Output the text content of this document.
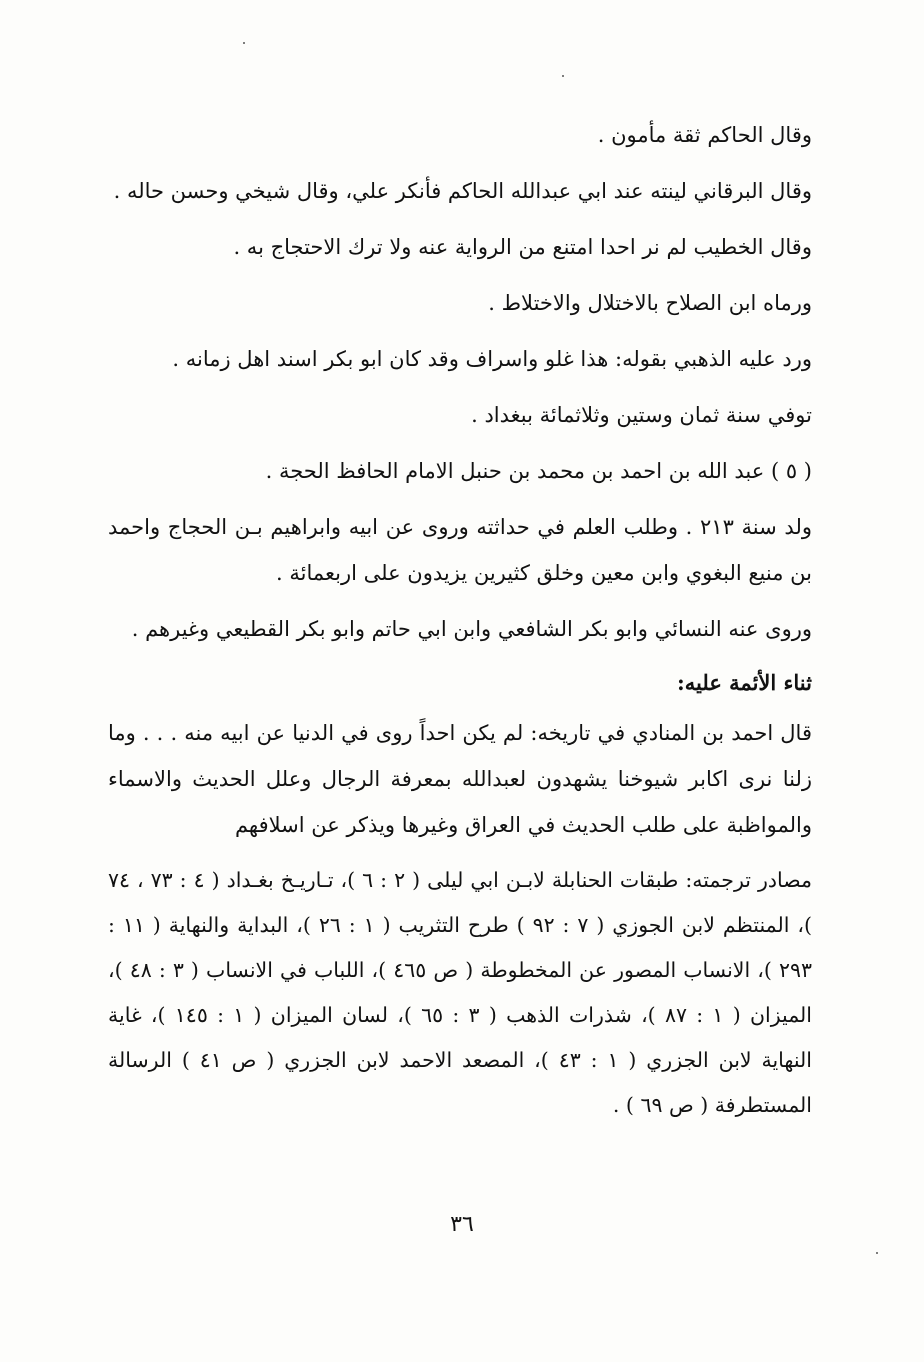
وقال الحاكم ثقة مأمون .

وقال البرقاني لينته عند ابي عبدالله الحاكم فأنكر علي، وقال شيخي وحسن حاله .

وقال الخطيب لم نر احدا امتنع من الرواية عنه ولا ترك الاحتجاج به .

ورماه ابن الصلاح بالاختلال والاختلاط .

ورد عليه الذهبي بقوله: هذا غلو واسراف وقد كان ابو بكر اسند اهل زمانه .

توفي سنة ثمان وستين وثلاثمائة ببغداد .

( ٥ ) عبد الله بن احمد بن محمد بن حنبل الامام الحافظ الحجة .

ولد سنة ٢١٣ . وطلب العلم في حداثته وروى عن ابيه وابراهيم بـن الحجاج واحمد بن منيع البغوي وابن معين وخلق كثيرين يزيدون على اربعمائة .

وروى عنه النسائي وابو بكر الشافعي وابن ابي حاتم وابو بكر القطيعي وغيرهم .

ثناء الأئمة عليه:

قال احمد بن المنادي في تاريخه: لم يكن احداً روى في الدنيا عن ابيه منه . . . وما زلنا نرى اكابر شيوخنا يشهدون لعبدالله بمعرفة الرجال وعلل الحديث والاسماء والمواظبة على طلب الحديث في العراق وغيرها ويذكر عن اسلافهم

مصادر ترجمته: طبقات الحنابلة لابـن ابي ليلى ( ٢ : ٦ )، تـاريـخ بغـداد ( ٤ : ٧٣ ، ٧٤ )، المنتظم لابن الجوزي ( ٧ : ٩٢ ) طرح التثريب ( ١ : ٢٦ )، البداية والنهاية ( ١١ : ٢٩٣ )، الانساب المصور عن المخطوطة ( ص ٤٦٥ )، اللباب في الانساب ( ٣ : ٤٨ )، الميزان ( ١ : ٨٧ )، شذرات الذهب ( ٣ : ٦٥ )، لسان الميزان ( ١ : ١٤٥ )، غاية النهاية لابن الجزري ( ١ : ٤٣ )، المصعد الاحمد لابن الجزري ( ص ٤١ ) الرسالة المستطرفة ( ص ٦٩ ) .

٣٦
